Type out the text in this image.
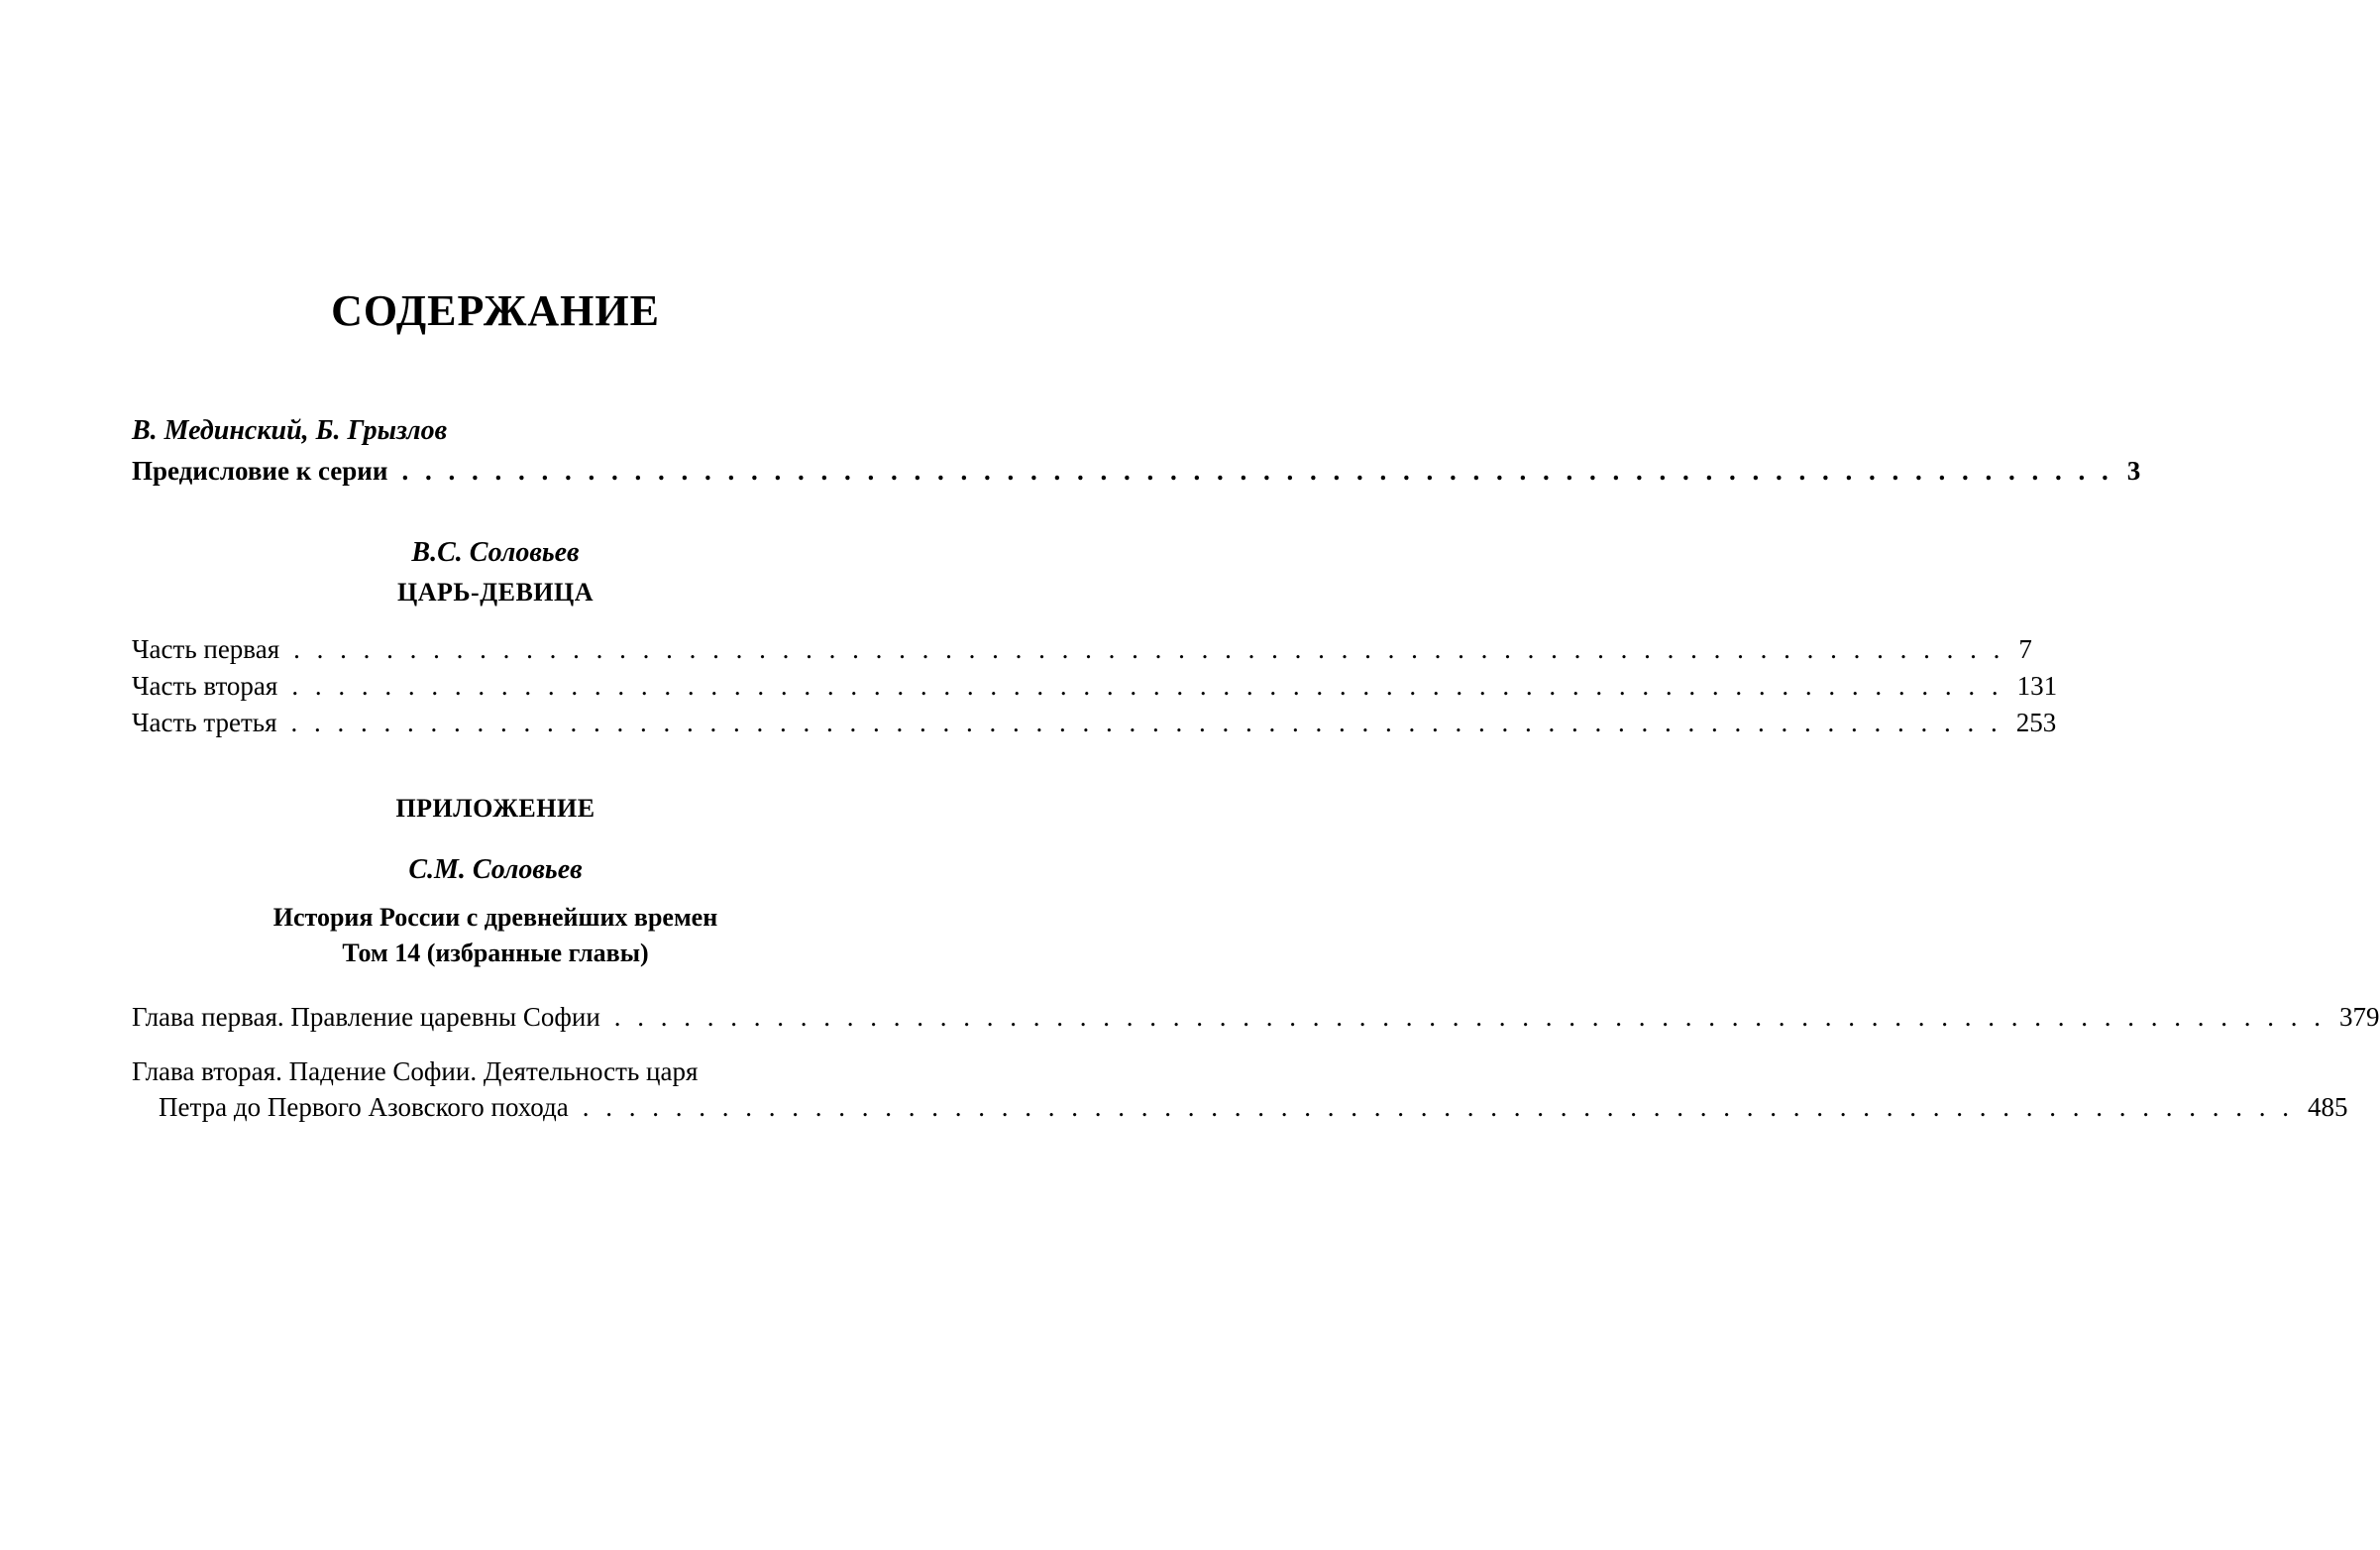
СОДЕРЖАНИЕ

В. Мединский, Б. Грызлов

Предисловие к серии . . . . . . . . . . . . . . . . . . . . . . . . . . . . . . . . . . . . . . . . . . . . . . . . . . . . . . . . . . . . . . . . . . . . . . . . . . 3

В.С. Соловьев

ЦАРЬ-ДЕВИЦА

Часть первая . . . . . . . . . . . . . . . . . . . . . . . . . . . . . . . . . . . . . . . . . . . . . . . . . . . . . . . . . . . . . . . . . . . . . . . . . . 7
Часть вторая . . . . . . . . . . . . . . . . . . . . . . . . . . . . . . . . . . . . . . . . . . . . . . . . . . . . . . . . . . . . . . . . . . . . . . . . . . 131
Часть третья . . . . . . . . . . . . . . . . . . . . . . . . . . . . . . . . . . . . . . . . . . . . . . . . . . . . . . . . . . . . . . . . . . . . . . . . . . 253

ПРИЛОЖЕНИЕ

С.М. Соловьев

История России с древнейших времен

Том 14 (избранные главы)

Глава первая. Правление царевны Софии . . . . . . . . . . . . . . . . . . . . . . . . . . . . . . . . . . . . . . . . . . . . . . . . . . . . . . . . . . . . . . . . . . . . . . . . . . 379

Глава вторая. Падение Софии. Деятельность царя

Петра до Первого Азовского похода . . . . . . . . . . . . . . . . . . . . . . . . . . . . . . . . . . . . . . . . . . . . . . . . . . . . . . . . . . . . . . . . . . . . . . . . . . 485
